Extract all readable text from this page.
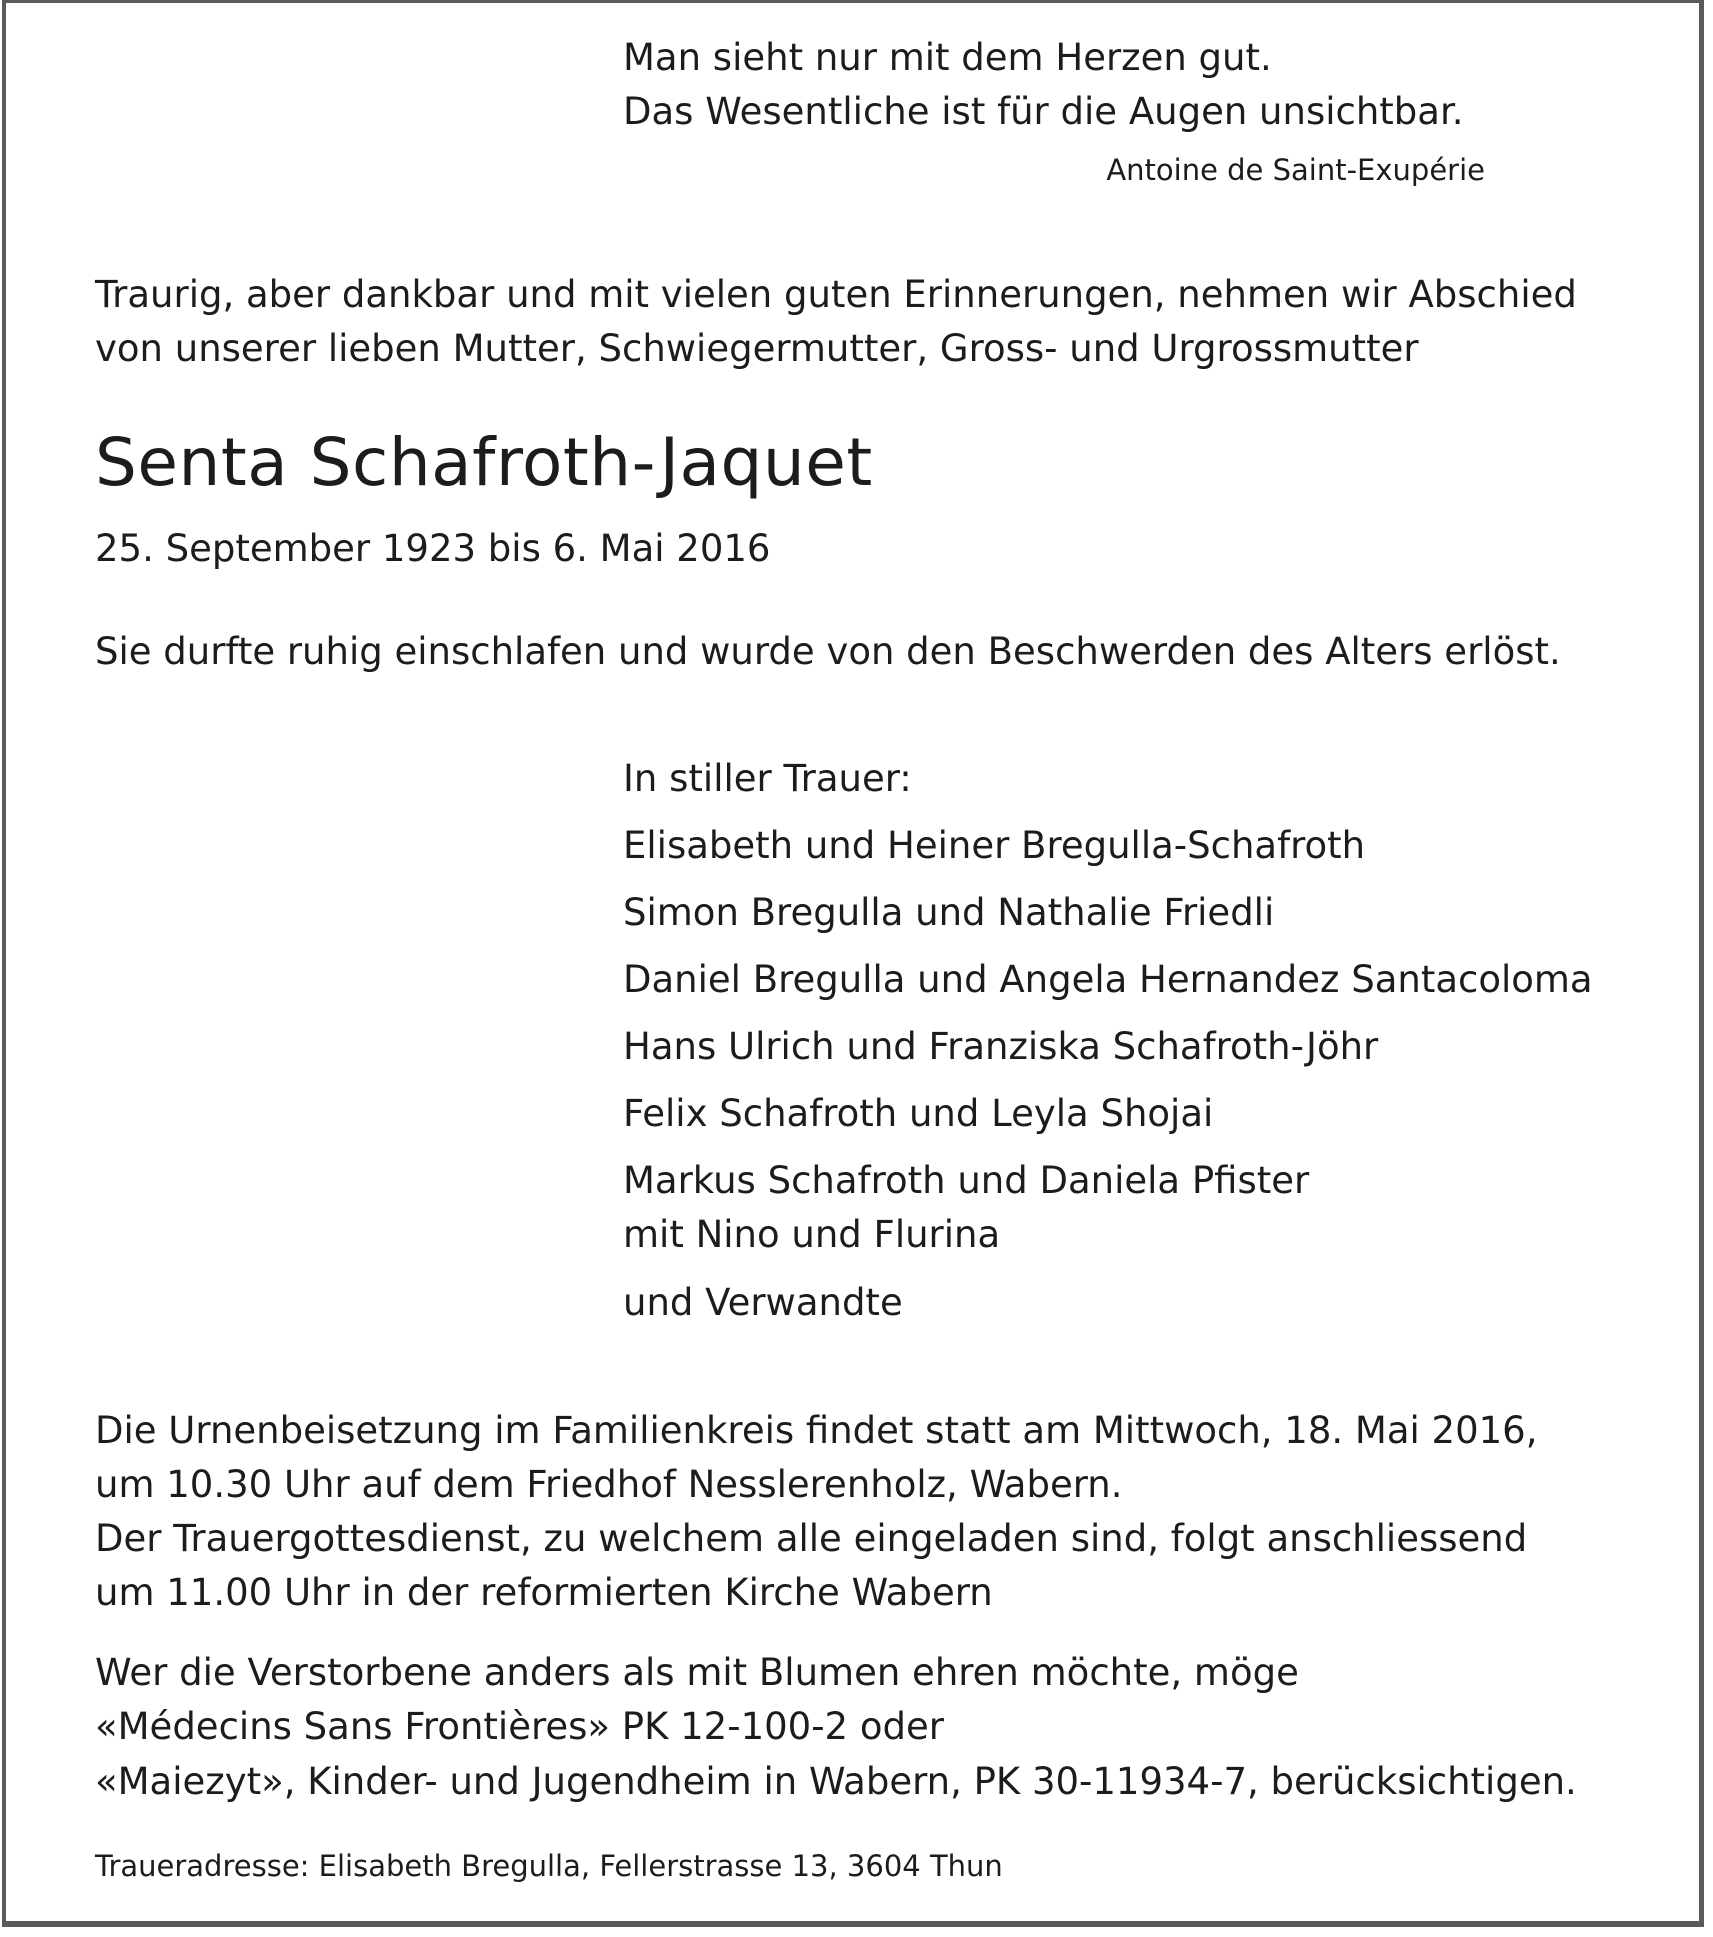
Man sieht nur mit dem Herzen gut.

Das Wesentliche ist für die Augen unsichtbar.

Antoine de Saint-Exupérie

Traurig, aber dankbar und mit vielen guten Erinnerungen, nehmen wir Abschied

von unserer lieben Mutter, Schwiegermutter, Gross- und Urgrossmutter

Senta Schafroth-Jaquet

25. September 1923 bis 6. Mai 2016

Sie durfte ruhig einschlafen und wurde von den Beschwerden des Alters erlöst.

In stiller Trauer:

Elisabeth und Heiner Bregulla-Schafroth

Simon Bregulla und Nathalie Friedli

Daniel Bregulla und Angela Hernandez Santacoloma

Hans Ulrich und Franziska Schafroth-Jöhr

Felix Schafroth und Leyla Shojai

Markus Schafroth und Daniela Pfister

mit Nino und Flurina

und Verwandte

Die Urnenbeisetzung im Familienkreis findet statt am Mittwoch, 18. Mai 2016,

um 10.30 Uhr auf dem Friedhof Nesslerenholz, Wabern.

Der Trauergottesdienst, zu welchem alle eingeladen sind, folgt anschliessend

um 11.00 Uhr in der reformierten Kirche Wabern

Wer die Verstorbene anders als mit Blumen ehren möchte, möge

«Médecins Sans Frontières» PK 12-100-2 oder

«Maiezyt», Kinder- und Jugendheim in Wabern, PK 30-11934-7, berücksichtigen.

Traueradresse: Elisabeth Bregulla, Fellerstrasse 13, 3604 Thun
